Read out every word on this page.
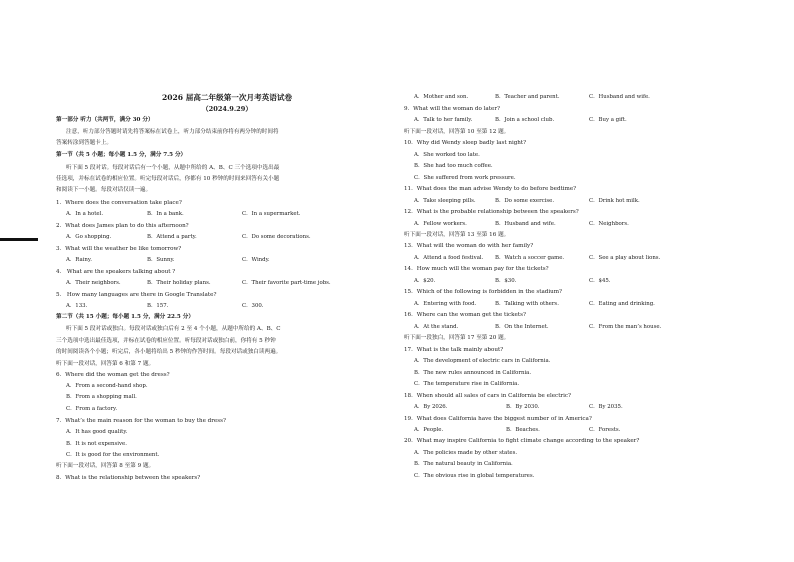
2026 届高二年级第一次月考英语试卷
（2024.9.29）
第一部分 听力（共两节，满分 30 分）
注意，听力部分答题时请先将答案标在试卷上，听力部分结束前你将有两分钟的时间将
答案转涂到答题卡上。
第一节（共 5 小题；每小题 1.5 分，满分 7.5 分）
听下面 5 段对话。每段对话后有一个小题，从题中所给的 A、B、C 三个选项中选出最
佳选项，并标在试卷的相应位置。听完每段对话后，你都有 10 秒钟的时间来回答有关小题
和阅读下一小题。每段对话仅读一遍。
1．Where does the conversation take place?
A．In a hotel.	B．In a bank.	C．In a supermarket.
2．What does James plan to do this afternoon?
A．Go shopping.	B．Attend a party.	C．Do some decorations.
3．What will the weather be like tomorrow?
A．Rainy.	B．Sunny.	C．Windy.
4． What are the speakers talking about ?
A．Their neighbors.	B．Their holiday plans.	C．Their favorite part-time jobs.
5． How many languages are there in Google Translate?
A．133.	B．157.	C．300.
第二节（共 15 小题；每小题 1.5 分，满分 22.5 分）
听下面 5 段对话或独白。每段对话或独白后有 2 至 4 个小题，从题中所给的 A、B、C
三个选项中选出最佳选项，并标在试卷的相应位置。听每段对话或独白前，你将有 5 秒钟
的时间阅读各个小题；听完后，各小题将给出 5 秒钟的作答时间。每段对话或独白读两遍。
听下面一段对话，回答第 6 和第 7 题。
6．Where did the woman get the dress?
A．From a second-hand shop.
B．From a shopping mall.
C．From a factory.
7．What’s the main reason for the woman to buy the dress?
A．It has good quality.
B．It is not expensive.
C．It is good for the environment.
听下面一段对话，回答第 8 至第 9 题。
8．What is the relationship between the speakers?
A．Mother and son.	B．Teacher and parent.	C．Husband and wife.
9．What will the woman do later?
A．Talk to her family.	B．Join a school club.	C．Buy a gift.
听下面一段对话，回答第 10 至第 12 题。
10．Why did Wendy sleep badly last night?
A．She worked too late.
B．She had too much coffee.
C．She suffered from work pressure.
11．What does the man advise Wendy to do before bedtime?
A．Take sleeping pills.	B．Do some exercise.	C．Drink hot milk.
12．What is the probable relationship between the speakers?
A．Fellow workers.	B．Husband and wife.	C．Neighbors.
听下面一段对话，回答第 13 至第 16 题。
13．What will the woman do with her family?
A．Attend a food festival. B．Watch a soccer game.	C．See a play about lions.
14．How much will the woman pay for the tickets?
A．$20.	B．$30.	C．$45.
15．Which of the following is forbidden in the stadium?
A．Entering with food.	B．Talking with others.	C．Eating and drinking.
16．Where can the woman get the tickets?
A．At the stand.	B．On the Internet.	C．From the man’s house.
听下面一段独白，回答第 17 至第 20 题。
17．What is the talk mainly about?
A．The development of electric cars in California.
B．The new rules announced in California.
C．The temperature rise in California.
18．When should all sales of cars in California be electric?
A．By 2026.	B．By 2030.	C．By 2035.
19．What does California have the biggest number of in America?
A．People.	B．Beaches.	C．Forests.
20．What may inspire California to fight climate change according to the speaker?
A．The policies made by other states.
B．The natural beauty in California.
C．The obvious rise in global temperatures.
